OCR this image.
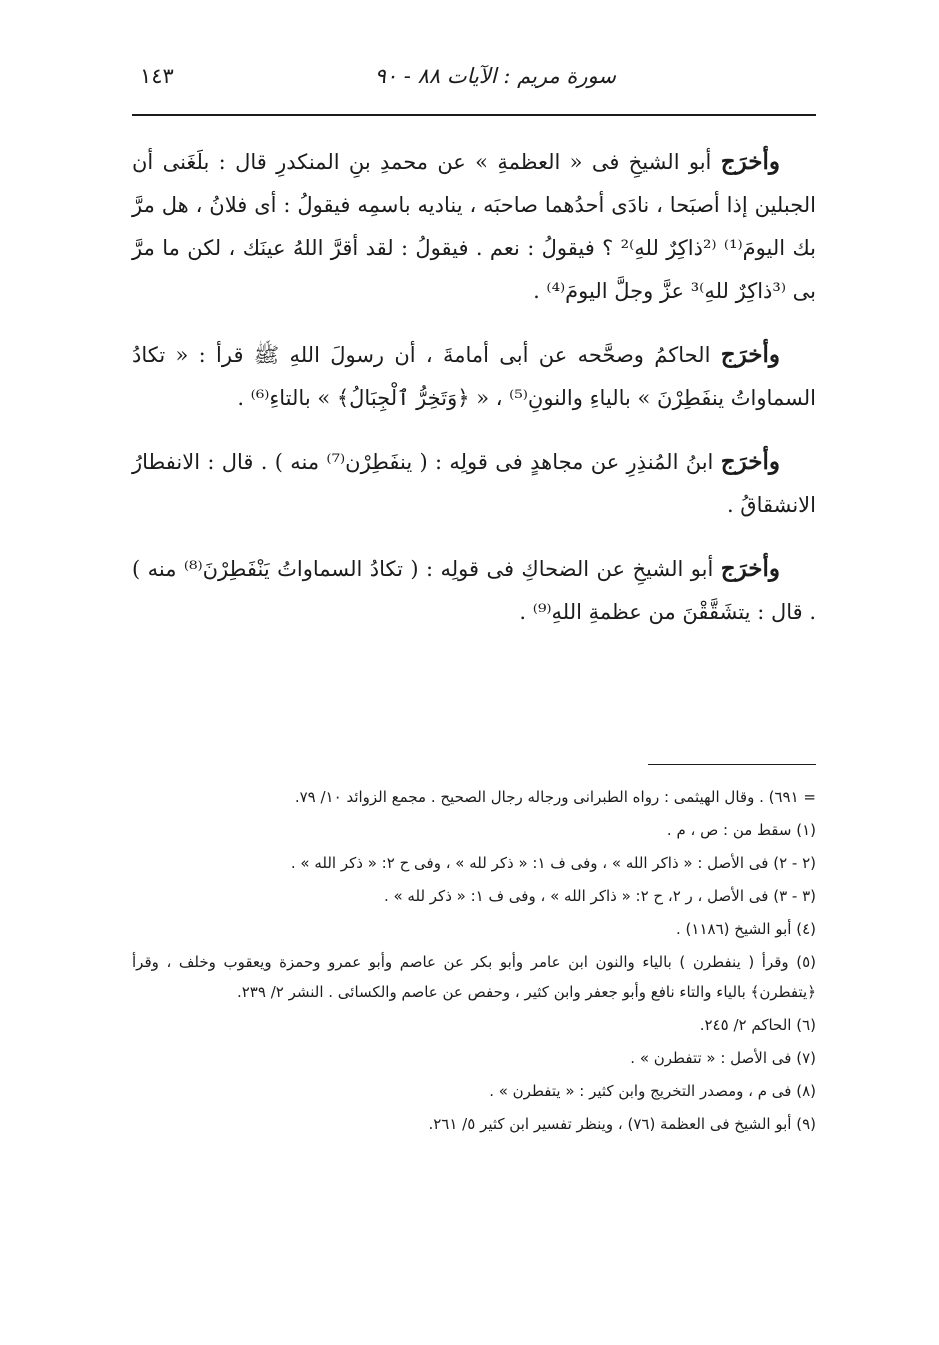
سورة مريم : الآيات ٨٨ - ٩٠
١٤٣

وأخرَج أبو الشيخِ فى « العظمةِ » عن محمدِ بنِ المنكدرِ قال : بلَغَنى أن الجبلين إذا أصبَحا ، نادَى أحدُهما صاحبَه ، يناديه باسمِه فيقولُ : أى فلانُ ، هل مرَّ بك اليومَ⁽¹⁾ ⁽²ذاكِرٌ للهِ⁾² ؟ فيقولُ : نعم . فيقولُ : لقد أقرَّ اللهُ عينَك ، لكن ما مرَّ بى ⁽³ذاكِرٌ للهِ⁾³ عزَّ وجلَّ اليومَ⁽⁴⁾ .

وأخرَج الحاكمُ وصحَّحه عن أبى أمامةَ ، أن رسولَ اللهِ ﷺ قرأ : « تكادُ السماواتُ ينفَطِرْنَ » بالياءِ والنونِ⁽⁵⁾ ، « ﴿وَتَخِرُّ ٱلْجِبَالُ﴾ » بالتاءِ⁽⁶⁾ .

وأخرَج ابنُ المُنذِرِ عن مجاهدٍ فى قولِه : ( ينفَطِرْن⁽⁷⁾ منه ) . قال : الانفطارُ الانشقاقُ .

وأخرَج أبو الشيخِ عن الضحاكِ فى قولِه : ( تكادُ السماواتُ يَنْفَطِرْنَ⁽⁸⁾ منه ) . قال : يتشَقَّقْنَ من عظمةِ اللهِ⁽⁹⁾ .

= ٦٩١) . وقال الهيثمى : رواه الطبرانى ورجاله رجال الصحيح . مجمع الزوائد ١٠/ ٧٩.

(١) سقط من : ص ، م .

(٢ - ٢) فى الأصل : « ذاكر الله » ، وفى ف ١: « ذكر لله » ، وفى ح ٢: « ذكر الله » .

(٣ - ٣) فى الأصل ، ر ٢، ح ٢: « ذاكر الله » ، وفى ف ١: « ذكر لله » .

(٤) أبو الشيخ (١١٨٦) .

(٥) وقرأ ( ينفطرن ) بالياء والنون ابن عامر وأبو بكر عن عاصم وأبو عمرو وحمزة ويعقوب وخلف ، وقرأ ﴿يتفطرن﴾ بالياء والتاء نافع وأبو جعفر وابن كثير ، وحفص عن عاصم والكسائى . النشر ٢/ ٢٣٩.

(٦) الحاكم ٢/ ٢٤٥.

(٧) فى الأصل : « تتفطرن » .

(٨) فى م ، ومصدر التخريج وابن كثير : « يتفطرن » .

(٩) أبو الشيخ فى العظمة (٧٦) ، وينظر تفسير ابن كثير ٥/ ٢٦١.
